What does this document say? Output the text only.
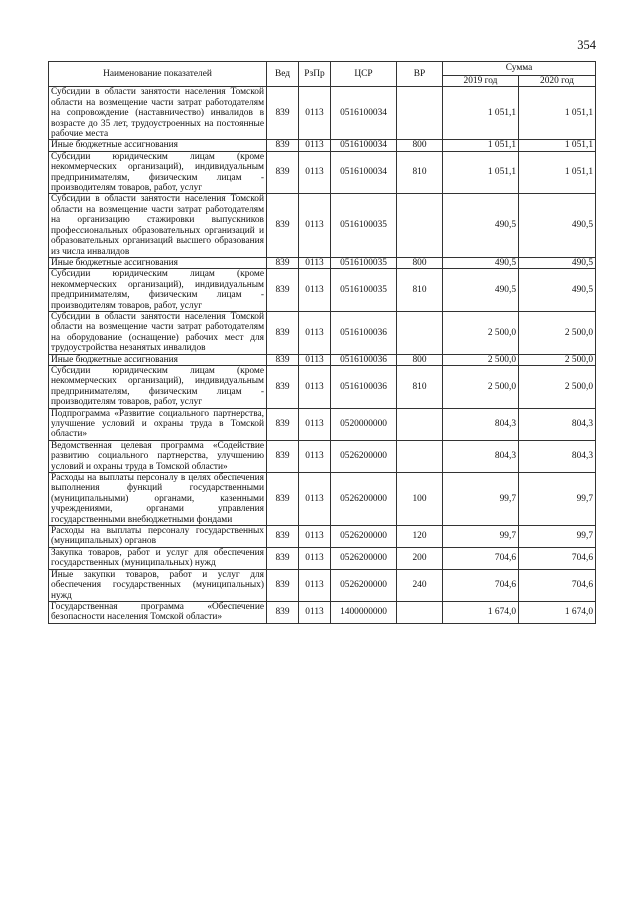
354
Наименование показателей	Вед	РзПр	ЦСР	ВР	Сумма	
					2019 год	2020 год
Субсидии в области занятости населения Томской области на возмещение части затрат работодателям на сопровождение (наставничество) инвалидов в возрасте до 35 лет, трудоустроенных на постоянные рабочие места	839	0113	0516100034		1 051,1	1 051,1
Иные бюджетные ассигнования	839	0113	0516100034	800	1 051,1	1 051,1
Субсидии юридическим лицам (кроме некоммерческих организаций), индивидуальным предпринимателям, физическим лицам - производителям товаров, работ, услуг	839	0113	0516100034	810	1 051,1	1 051,1
Субсидии в области занятости населения Томской области на возмещение части затрат работодателям на организацию стажировки выпускников профессиональных образовательных организаций и образовательных организаций высшего образования из числа инвалидов	839	0113	0516100035		490,5	490,5
Иные бюджетные ассигнования	839	0113	0516100035	800	490,5	490,5
Субсидии юридическим лицам (кроме некоммерческих организаций), индивидуальным предпринимателям, физическим лицам - производителям товаров, работ, услуг	839	0113	0516100035	810	490,5	490,5
Субсидии в области занятости населения Томской области на возмещение части затрат работодателям на оборудование (оснащение) рабочих мест для трудоустройства незанятых инвалидов	839	0113	0516100036		2 500,0	2 500,0
Иные бюджетные ассигнования	839	0113	0516100036	800	2 500,0	2 500,0
Субсидии юридическим лицам (кроме некоммерческих организаций), индивидуальным предпринимателям, физическим лицам - производителям товаров, работ, услуг	839	0113	0516100036	810	2 500,0	2 500,0
Подпрограмма «Развитие социального партнерства, улучшение условий и охраны труда в Томской области»	839	0113	0520000000		804,3	804,3
Ведомственная целевая программа «Содействие развитию социального партнерства, улучшению условий и охраны труда в Томской области»	839	0113	0526200000		804,3	804,3
Расходы на выплаты персоналу в целях обеспечения выполнения функций государственными (муниципальными) органами, казенными учреждениями, органами управления государственными внебюджетными фондами	839	0113	0526200000	100	99,7	99,7
Расходы на выплаты персоналу государственных (муниципальных) органов	839	0113	0526200000	120	99,7	99,7
Закупка товаров, работ и услуг для обеспечения государственных (муниципальных) нужд	839	0113	0526200000	200	704,6	704,6
Иные закупки товаров, работ и услуг для обеспечения государственных (муниципальных) нужд	839	0113	0526200000	240	704,6	704,6
Государственная программа «Обеспечение безопасности населения Томской области»	839	0113	1400000000		1 674,0	1 674,0
